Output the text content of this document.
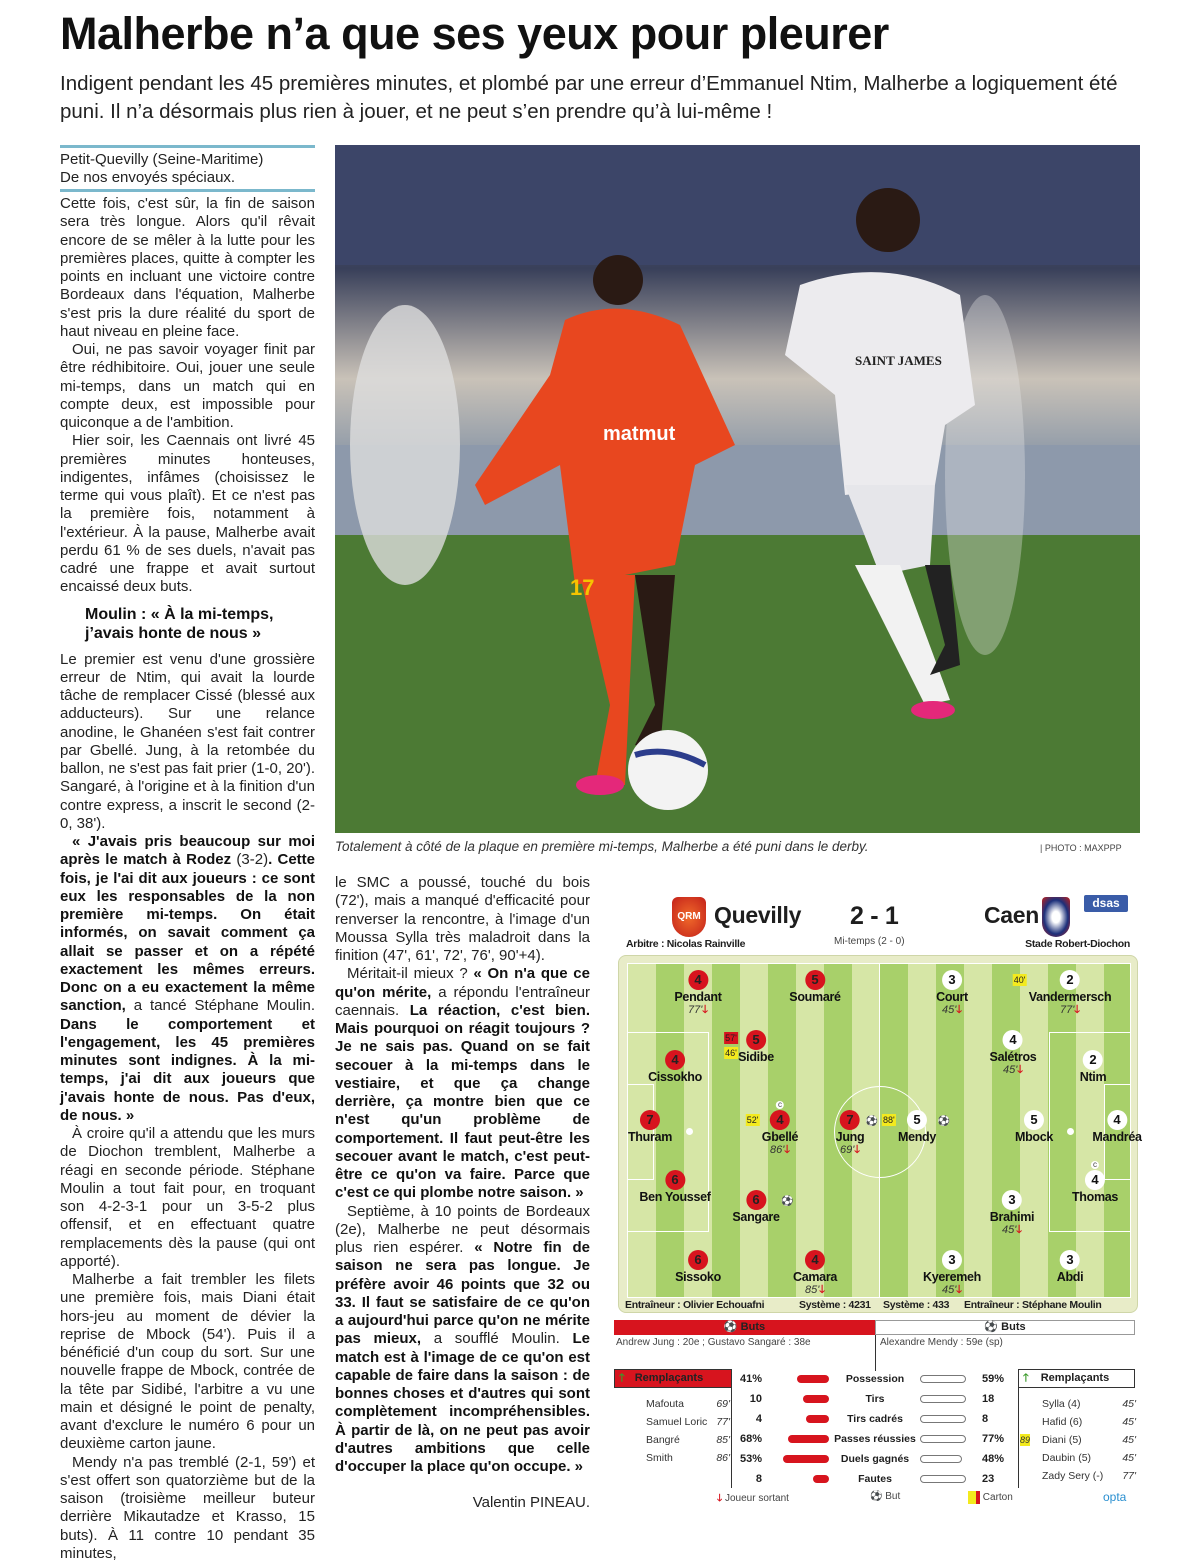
Malherbe n’a que ses yeux pour pleurer
Indigent pendant les 45 premières minutes, et plombé par une erreur d’Emmanuel Ntim, Malherbe a logiquement été puni. Il n’a désormais plus rien à jouer, et ne peut s’en prendre qu’à lui-même !
Petit-Quevilly (Seine-Maritime)
De nos envoyés spéciaux.

Cette fois, c'est sûr, la fin de saison sera très longue. Alors qu'il rêvait encore de se mêler à la lutte pour les premières places, quitte à compter les points en incluant une victoire contre Bordeaux dans l'équation, Malherbe s'est pris la dure réalité du sport de haut niveau en pleine face.

Oui, ne pas savoir voyager finit par être rédhibitoire. Oui, jouer une seule mi-temps, dans un match qui en compte deux, est impossible pour quiconque a de l'ambition.

Hier soir, les Caennais ont livré 45 premières minutes honteuses, indigentes, infâmes (choisissez le terme qui vous plaît). Et ce n'est pas la première fois, notamment à l'extérieur. À la pause, Malherbe avait perdu 61 % de ses duels, n'avait pas cadré une frappe et avait surtout encaissé deux buts.

Moulin : « À la mi-temps, j’avais honte de nous »

Le premier est venu d'une grossière erreur de Ntim, qui avait la lourde tâche de remplacer Cissé (blessé aux adducteurs). Sur une relance anodine, le Ghanéen s'est fait contrer par Gbellé. Jung, à la retombée du ballon, ne s'est pas fait prier (1-0, 20'). Sangaré, à l'origine et à la finition d'un contre express, a inscrit le second (2-0, 38').

« J'avais pris beaucoup sur moi après le match à Rodez (3-2). Cette fois, je l'ai dit aux joueurs : ce sont eux les responsables de la non première mi-temps. On était informés, on savait comment ça allait se passer et on a répété exactement les mêmes erreurs. Donc on a eu exactement la même sanction, a tancé Stéphane Moulin. Dans le comportement et l'engagement, les 45 premières minutes sont indignes. À la mi-temps, j'ai dit aux joueurs que j'avais honte de nous. Pas d'eux, de nous. »

À croire qu'il a attendu que les murs de Diochon tremblent, Malherbe a réagi en seconde période. Stéphane Moulin a tout fait pour, en troquant son 4-2-3-1 pour un 3-5-2 plus offensif, et en effectuant quatre remplacements dès la pause (qui ont apporté).

Malherbe a fait trembler les filets une première fois, mais Diani était hors-jeu au moment de dévier la reprise de Mbock (54'). Puis il a bénéficié d'un coup du sort. Sur une nouvelle frappe de Mbock, contrée de la tête par Sidibé, l'arbitre a vu une main et désigné le point de penalty, avant d'exclure le numéro 6 pour un deuxième carton jaune.

Mendy n'a pas tremblé (2-1, 59') et s'est offert son quatorzième but de la saison (troisième meilleur buteur derrière Mikautadze et Krasso, 15 buts). À 11 contre 10 pendant 35 minutes,

matmut
17
SAINT JAMES
Totalement à côté de la plaque en première mi-temps, Malherbe a été puni dans le derby.	| PHOTO : MAXPPP

le SMC a poussé, touché du bois (72'), mais a manqué d'efficacité pour renverser la rencontre, à l'image d'un Moussa Sylla très maladroit dans la finition (47', 61', 72', 76', 90'+4).

Méritait-il mieux ? « On n'a que ce qu'on mérite, a répondu l'entraîneur caennais. La réaction, c'est bien. Mais pourquoi on réagit toujours ? Je ne sais pas. Quand on se fait secouer à la mi-temps dans le vestiaire, et que ça change derrière, ça montre bien que ce n'est qu'un problème de comportement. Il faut peut-être les secouer avant le match, c'est peut-être ce qu'on va faire. Parce que c'est ce qui plombe notre saison. »

Septième, à 10 points de Bordeaux (2e), Malherbe ne peut désormais plus rien espérer. « Notre fin de saison ne sera pas longue. Je préfère avoir 46 points que 32 ou 33. Il faut se satisfaire de ce qu'on a aujourd'hui parce qu'on ne mérite pas mieux, a soufflé Moulin. Le match est à l'image de ce qu'on est capable de faire dans la saison : de bonnes choses et d'autres qui sont complètement incompréhensibles. À partir de là, on ne peut pas avoir d'autres ambitions que celle d'occuper la place qu'on occupe. »

Valentin PINEAU.
QRM Quevilly 2 - 1
Mi-temps (2 - 0)
Caen	dsas
Arbitre : Nicolas Rainville	Stade Robert-Diochon
4
Pendant
77'🡓
5
Soumaré
5
Sidibe
46'
57'
4
Cissokho
7
Thuram
4
Gbellé
86'🡓
52'
c
7
Jung
69'🡓
⚽
6
Ben Youssef	6
Sangare
⚽
6
Sissoko
4
Camara
85'🡓
3
Court
45'🡓
2
Vandermersch
77'🡓
40'
4
Salétros
45'🡓
2
Ntim
5
Mendy
88'	⚽	5
Mbock
4
Mandréa
4
Thomas
c
3
Brahimi
45'🡓
3
Kyeremeh
45'🡓
3
Abdi
Entraîneur : Olivier Echouafni	Système : 4231 Système : 433 Entraîneur : Stéphane Moulin
⚽ Buts	⚽ Buts
Andrew Jung : 20e ; Gustavo Sangaré : 38e	Alexandre Mendy : 59e (sp)
🡑 Remplaçants
Mafouta	69'
Samuel Loric 77'
Bangré	85'
Smith	86'
41%	Possession	59%
10	Tirs	18
4	Tirs cadrés	8
68%	Passes réussies	77%
53%	Duels gagnés	48%
8	Fautes	23
🡑 Remplaçants
Sylla (4)	45'
Hafid (6)	45'
Diani (5)	45'
89
Daubin (5)	45'
Zady Sery (-) 77'
🡓 Joueur sortant	⚽ But	Carton	opta
